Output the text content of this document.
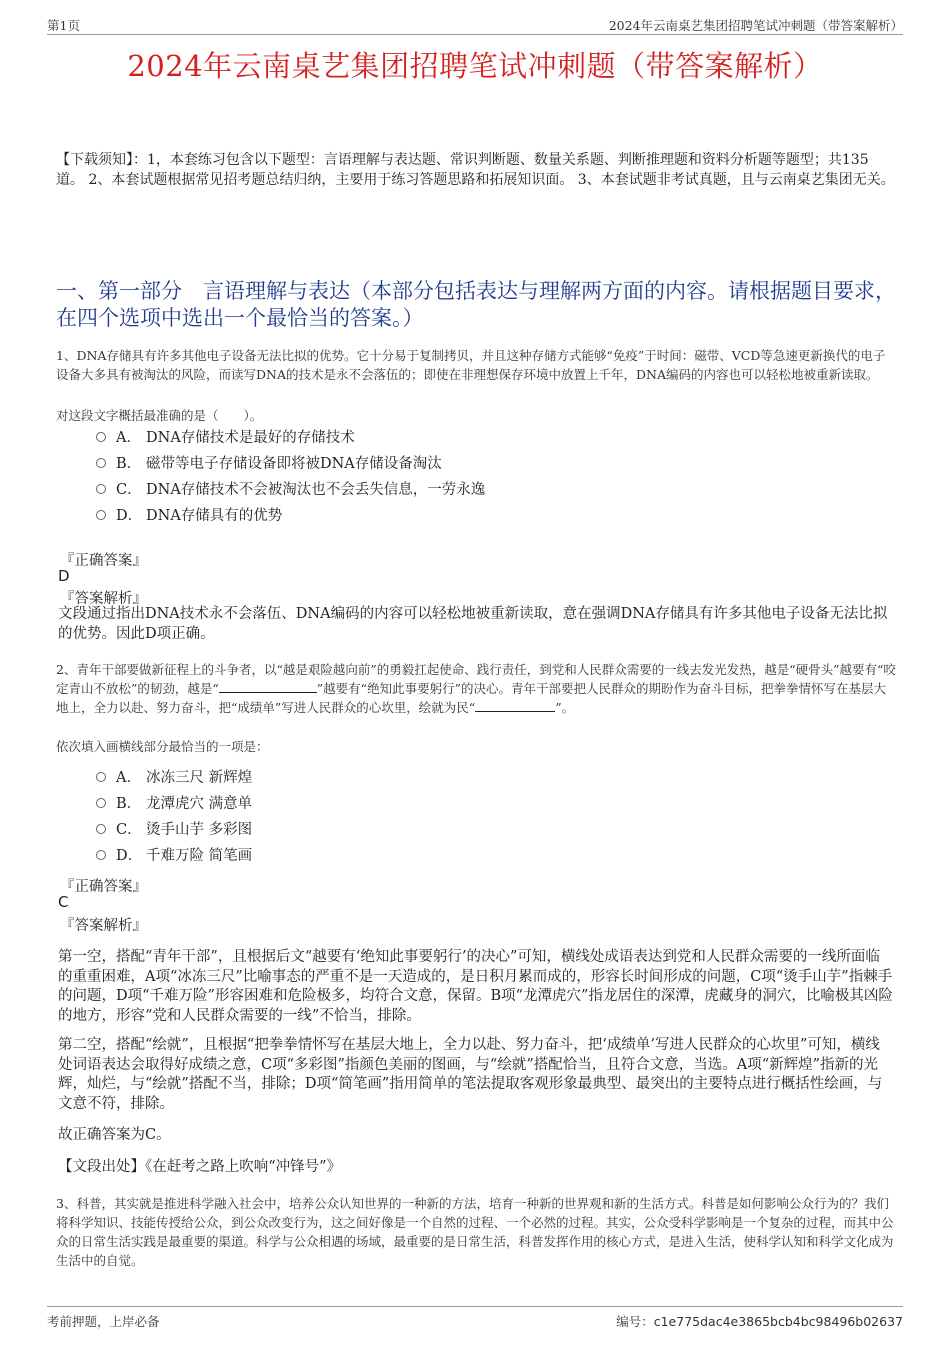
第1页	2024年云南桌艺集团招聘笔试冲刺题（带答案解析）
2024年云南桌艺集团招聘笔试冲刺题（带答案解析）
【下载须知】：1，本套练习包含以下题型：言语理解与表达题、常识判断题、数量关系题、判断推理题和资料分析题等题型；共135道。 2、本套试题根据常见招考题总结归纳，主要用于练习答题思路和拓展知识面。 3、本套试题非考试真题，且与云南桌艺集团无关。
一、第一部分　言语理解与表达（本部分包括表达与理解两方面的内容。请根据题目要求，在四个选项中选出一个最恰当的答案。）
1、DNA存储具有许多其他电子设备无法比拟的优势。它十分易于复制拷贝，并且这种存储方式能够“免疫”于时间：磁带、VCD等急速更新换代的电子设备大多具有被淘汰的风险，而读写DNA的技术是永不会落伍的；即使在非理想保存环境中放置上千年，DNA编码的内容也可以轻松地被重新读取。
对这段文字概括最准确的是（　　）。
A． DNA存储技术是最好的存储技术
B． 磁带等电子存储设备即将被DNA存储设备淘汰
C． DNA存储技术不会被淘汰也不会丢失信息，一劳永逸
D． DNA存储具有的优势
『正确答案』
D
『答案解析』
文段通过指出DNA技术永不会落伍、DNA编码的内容可以轻松地被重新读取，意在强调DNA存储具有许多其他电子设备无法比拟的优势。因此D项正确。
2、青年干部要做新征程上的斗争者，以“越是艰险越向前”的勇毅扛起使命、践行责任，到党和人民群众需要的一线去发光发热，越是“硬骨头”越要有“咬定青山不放松”的韧劲，越是“	”越要有“绝知此事要躬行”的决心。青年干部要把人民群众的期盼作为奋斗目标，把拳拳情怀写在基层大地上，全力以赴、努力奋斗，把“成绩单”写进人民群众的心坎里，绘就为民“	”。
依次填入画横线部分最恰当的一项是：
A． 冰冻三尺 新辉煌
B． 龙潭虎穴 满意单
C． 烫手山芋 多彩图
D． 千难万险 简笔画
『正确答案』
C
『答案解析』
第一空，搭配“青年干部”，且根据后文“越要有‘绝知此事要躬行’的决心”可知，横线处成语表达到党和人民群众需要的一线所面临的重重困难，A项“冰冻三尺”比喻事态的严重不是一天造成的，是日积月累而成的，形容长时间形成的问题，C项“烫手山芋”指棘手的问题，D项“千难万险”形容困难和危险极多，均符合文意，保留。B项“龙潭虎穴”指龙居住的深潭，虎藏身的洞穴，比喻极其凶险的地方，形容“党和人民群众需要的一线”不恰当，排除。
第二空，搭配“绘就”，且根据“把拳拳情怀写在基层大地上，全力以赴、努力奋斗，把‘成绩单’写进人民群众的心坎里”可知，横线处词语表达会取得好成绩之意，C项“多彩图”指颜色美丽的图画，与“绘就”搭配恰当，且符合文意，当选。A项“新辉煌”指新的光辉，灿烂，与“绘就”搭配不当，排除；D项“简笔画”指用简单的笔法提取客观形象最典型、最突出的主要特点进行概括性绘画，与文意不符，排除。
故正确答案为C。
【文段出处】《在赶考之路上吹响“冲锋号”》
3、科普，其实就是推进科学融入社会中，培养公众认知世界的一种新的方法，培育一种新的世界观和新的生活方式。科普是如何影响公众行为的？我们将科学知识、技能传授给公众，到公众改变行为，这之间好像是一个自然的过程、一个必然的过程。其实，公众受科学影响是一个复杂的过程，而其中公众的日常生活实践是最重要的渠道。科学与公众相遇的场域，最重要的是日常生活，科普发挥作用的核心方式，是进入生活，使科学认知和科学文化成为生活中的自觉。
考前押题，上岸必备	编号：c1e775dac4e3865bcb4bc98496b02637
